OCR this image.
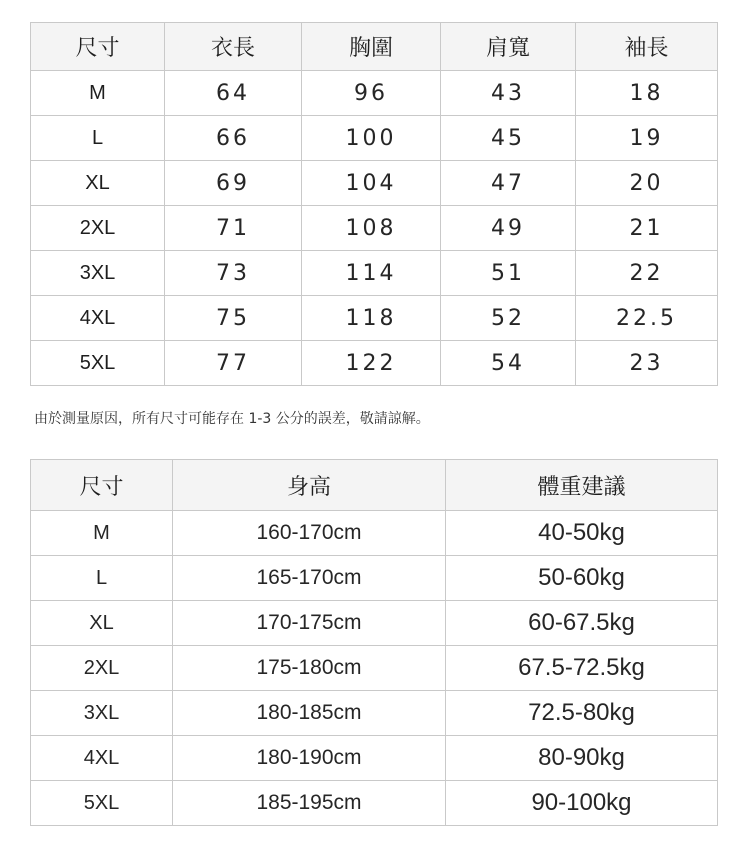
尺寸	衣長	胸圍	肩寬	袖長
M	64	96	43	18
L	66	100	45	19
XL	69	104	47	20
2XL	71	108	49	21
3XL	73	114	51	22
4XL	75	118	52	22.5
5XL	77	122	54	23

由於測量原因，所有尺寸可能存在 1-3 公分的誤差，敬請諒解。

尺寸	身高	體重建議
M	160-170cm	40-50kg
L	165-170cm	50-60kg
XL	170-175cm	60-67.5kg
2XL	175-180cm	67.5-72.5kg
3XL	180-185cm	72.5-80kg
4XL	180-190cm	80-90kg
5XL	185-195cm	90-100kg
